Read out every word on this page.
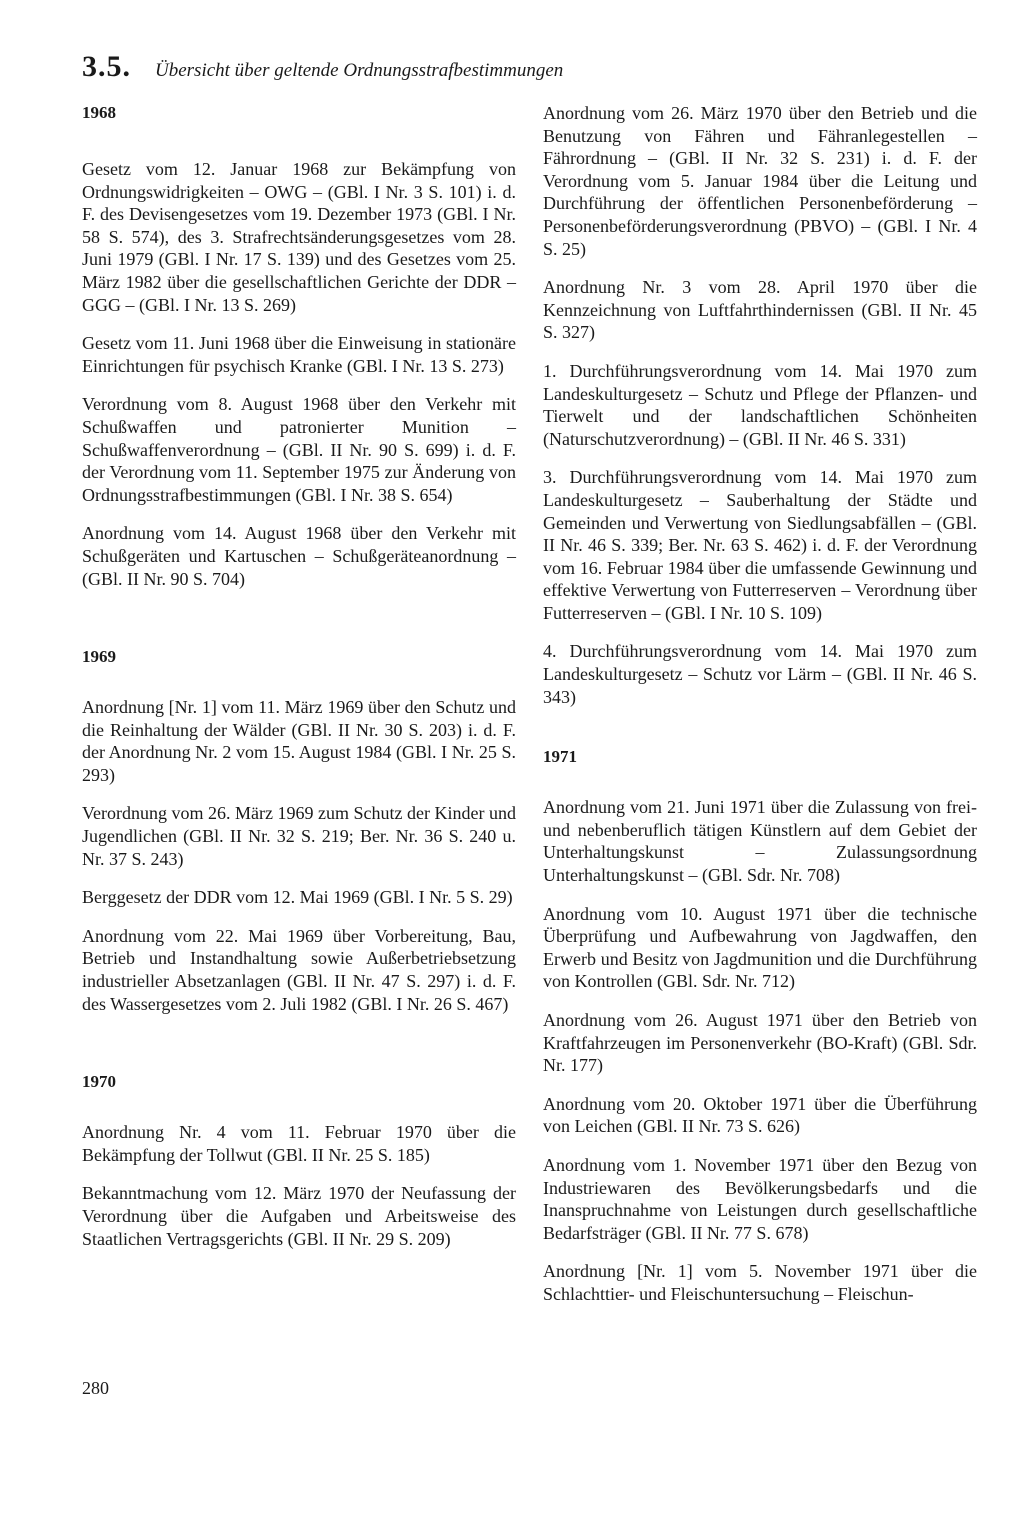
3.5. Übersicht über geltende Ordnungsstrafbestimmungen
1968

Gesetz vom 12. Januar 1968 zur Bekämpfung von Ordnungswidrigkeiten – OWG – (GBl. I Nr. 3 S. 101) i. d. F. des Devisengesetzes vom 19. Dezember 1973 (GBl. I Nr. 58 S. 574), des 3. Strafrechtsänderungsgesetzes vom 28. Juni 1979 (GBl. I Nr. 17 S. 139) und des Gesetzes vom 25. März 1982 über die gesellschaftlichen Gerichte der DDR – GGG – (GBl. I Nr. 13 S. 269)

Gesetz vom 11. Juni 1968 über die Einweisung in stationäre Einrichtungen für psychisch Kranke (GBl. I Nr. 13 S. 273)

Verordnung vom 8. August 1968 über den Verkehr mit Schußwaffen und patronierter Munition – Schußwaffenverordnung – (GBl. II Nr. 90 S. 699) i. d. F. der Verordnung vom 11. September 1975 zur Änderung von Ordnungsstrafbestimmungen (GBl. I Nr. 38 S. 654)

Anordnung vom 14. August 1968 über den Verkehr mit Schußgeräten und Kartuschen – Schußgeräteanordnung – (GBl. II Nr. 90 S. 704)

1969

Anordnung [Nr. 1] vom 11. März 1969 über den Schutz und die Reinhaltung der Wälder (GBl. II Nr. 30 S. 203) i. d. F. der Anordnung Nr. 2 vom 15. August 1984 (GBl. I Nr. 25 S. 293)

Verordnung vom 26. März 1969 zum Schutz der Kinder und Jugendlichen (GBl. II Nr. 32 S. 219; Ber. Nr. 36 S. 240 u. Nr. 37 S. 243)

Berggesetz der DDR vom 12. Mai 1969 (GBl. I Nr. 5 S. 29)

Anordnung vom 22. Mai 1969 über Vorbereitung, Bau, Betrieb und Instandhaltung sowie Außerbetriebsetzung industrieller Absetzanlagen (GBl. II Nr. 47 S. 297) i. d. F. des Wassergesetzes vom 2. Juli 1982 (GBl. I Nr. 26 S. 467)

1970

Anordnung Nr. 4 vom 11. Februar 1970 über die Bekämpfung der Tollwut (GBl. II Nr. 25 S. 185)

Bekanntmachung vom 12. März 1970 der Neufassung der Verordnung über die Aufgaben und Arbeitsweise des Staatlichen Vertragsgerichts (GBl. II Nr. 29 S. 209)

Anordnung vom 26. März 1970 über den Betrieb und die Benutzung von Fähren und Fähranlegestellen – Fährordnung – (GBl. II Nr. 32 S. 231) i. d. F. der Verordnung vom 5. Januar 1984 über die Leitung und Durchführung der öffentlichen Personenbeförderung – Personenbeförderungsverordnung (PBVO) – (GBl. I Nr. 4 S. 25)

Anordnung Nr. 3 vom 28. April 1970 über die Kennzeichnung von Luftfahrthindernissen (GBl. II Nr. 45 S. 327)

1. Durchführungsverordnung vom 14. Mai 1970 zum Landeskulturgesetz – Schutz und Pflege der Pflanzen- und Tierwelt und der landschaftlichen Schönheiten (Naturschutzverordnung) – (GBl. II Nr. 46 S. 331)

3. Durchführungsverordnung vom 14. Mai 1970 zum Landeskulturgesetz – Sauberhaltung der Städte und Gemeinden und Verwertung von Siedlungsabfällen – (GBl. II Nr. 46 S. 339; Ber. Nr. 63 S. 462) i. d. F. der Verordnung vom 16. Februar 1984 über die umfassende Gewinnung und effektive Verwertung von Futterreserven – Verordnung über Futterreserven – (GBl. I Nr. 10 S. 109)

4. Durchführungsverordnung vom 14. Mai 1970 zum Landeskulturgesetz – Schutz vor Lärm – (GBl. II Nr. 46 S. 343)

1971

Anordnung vom 21. Juni 1971 über die Zulassung von frei- und nebenberuflich tätigen Künstlern auf dem Gebiet der Unterhaltungskunst – Zulassungsordnung Unterhaltungskunst – (GBl. Sdr. Nr. 708)

Anordnung vom 10. August 1971 über die technische Überprüfung und Aufbewahrung von Jagdwaffen, den Erwerb und Besitz von Jagdmunition und die Durchführung von Kontrollen (GBl. Sdr. Nr. 712)

Anordnung vom 26. August 1971 über den Betrieb von Kraftfahrzeugen im Personenverkehr (BO-Kraft) (GBl. Sdr. Nr. 177)

Anordnung vom 20. Oktober 1971 über die Überführung von Leichen (GBl. II Nr. 73 S. 626)

Anordnung vom 1. November 1971 über den Bezug von Industriewaren des Bevölkerungsbedarfs und die Inanspruchnahme von Leistungen durch gesellschaftliche Bedarfsträger (GBl. II Nr. 77 S. 678)

Anordnung [Nr. 1] vom 5. November 1971 über die Schlachttier- und Fleischuntersuchung – Fleischun-

280
